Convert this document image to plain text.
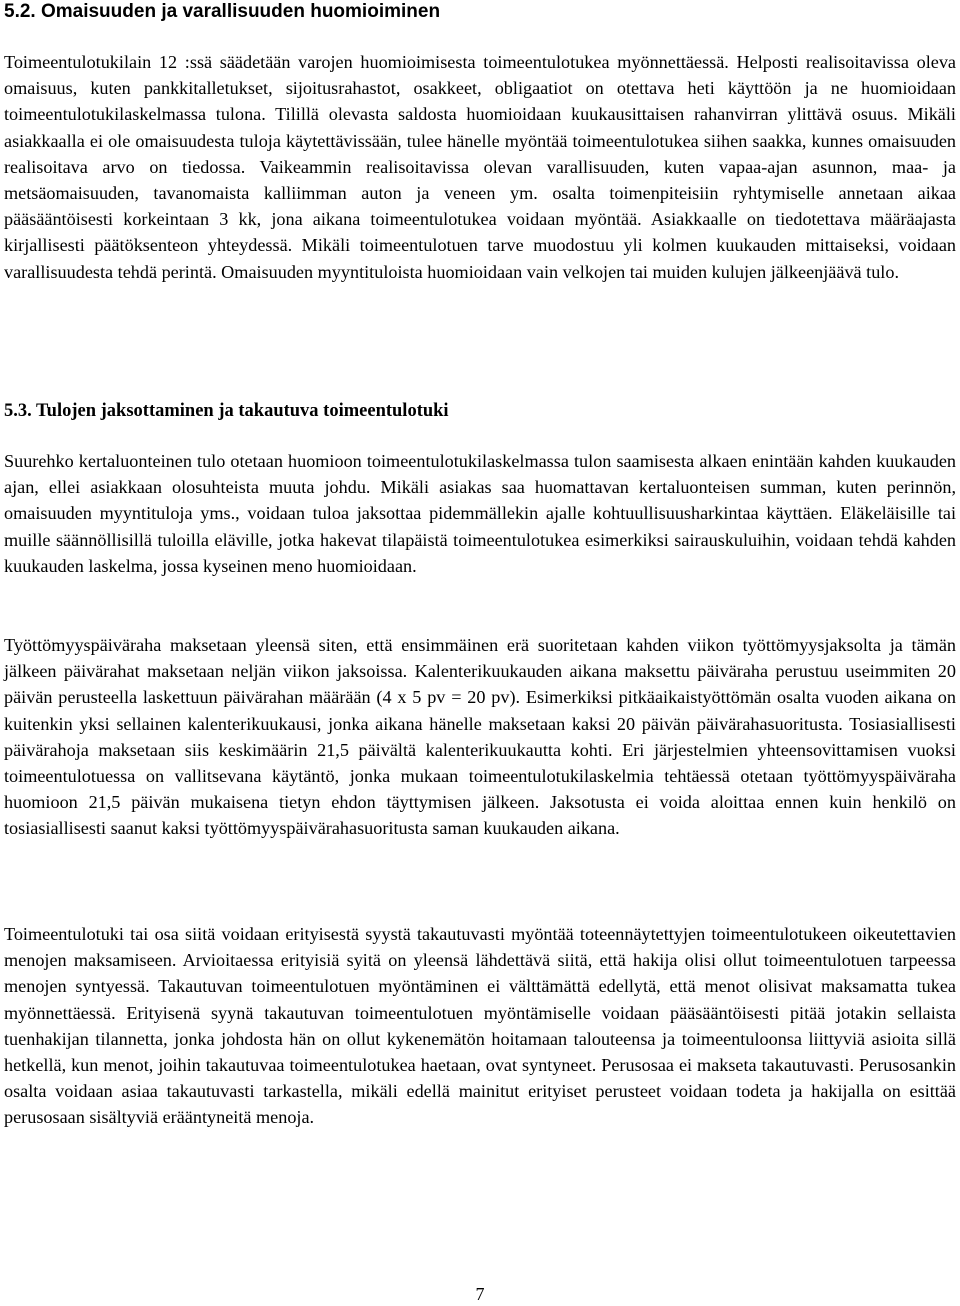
5.2. Omaisuuden ja varallisuuden huomioiminen

Toimeentulotukilain 12 :ssä säädetään varojen huomioimisesta toimeentulotukea myönnettäessä. Helposti realisoitavissa oleva omaisuus, kuten pankkitalletukset, sijoitusrahastot, osakkeet, obligaatiot on otettava heti käyttöön ja ne huomioidaan toimeentulotukilaskelmassa tulona. Tilillä olevasta saldosta huomioidaan kuukausittaisen rahanvirran ylittävä osuus. Mikäli asiakkaalla ei ole omaisuudesta tuloja käytettävissään, tulee hänelle myöntää toimeentulotukea siihen saakka, kunnes omaisuuden realisoitava arvo on tiedossa. Vaikeammin realisoitavissa olevan varallisuuden, kuten vapaa-ajan asunnon, maa- ja metsäomaisuuden, tavanomaista kalliimman auton ja veneen ym. osalta toimenpiteisiin ryhtymiselle annetaan aikaa pääsääntöisesti korkeintaan 3 kk, jona aikana toimeentulotukea voidaan myöntää. Asiakkaalle on tiedotettava määräajasta kirjallisesti päätöksenteon yhteydessä. Mikäli toimeentulotuen tarve muodostuu yli kolmen kuukauden mittaiseksi, voidaan varallisuudesta tehdä perintä. Omaisuuden myyntituloista huomioidaan vain velkojen tai muiden kulujen jälkeenjäävä tulo.

5.3. Tulojen jaksottaminen ja takautuva toimeentulotuki

Suurehko kertaluonteinen tulo otetaan huomioon toimeentulotukilaskelmassa tulon saamisesta alkaen enintään kahden kuukauden ajan, ellei asiakkaan olosuhteista muuta johdu. Mikäli asiakas saa huomattavan kertaluonteisen summan, kuten perinnön, omaisuuden myyntituloja yms., voidaan tuloa jaksottaa pidemmällekin ajalle kohtuullisuusharkintaa käyttäen. Eläkeläisille tai muille säännöllisillä tuloilla eläville, jotka hakevat tilapäistä toimeentulotukea esimerkiksi sairauskuluihin, voidaan tehdä kahden kuukauden laskelma, jossa kyseinen meno huomioidaan.

Työttömyyspäiväraha maksetaan yleensä siten, että ensimmäinen erä suoritetaan kahden viikon työttömyysjaksolta ja tämän jälkeen päivärahat maksetaan neljän viikon jaksoissa. Kalenterikuukauden aikana maksettu päiväraha perustuu useimmiten 20 päivän perusteella laskettuun päivärahan määrään (4 x 5 pv = 20 pv). Esimerkiksi pitkäaikaistyöttömän osalta vuoden aikana on kuitenkin yksi sellainen kalenterikuukausi, jonka aikana hänelle maksetaan kaksi 20 päivän päivärahasuoritusta. Tosiasiallisesti päivärahoja maksetaan siis keskimäärin 21,5 päivältä kalenterikuukautta kohti. Eri järjestelmien yhteensovittamisen vuoksi toimeentulotuessa on vallitsevana käytäntö, jonka mukaan toimeentulotukilaskelmia tehtäessä otetaan työttömyyspäiväraha huomioon 21,5 päivän mukaisena tietyn ehdon täyttymisen jälkeen. Jaksotusta ei voida aloittaa ennen kuin henkilö on tosiasiallisesti saanut kaksi työttömyyspäivärahasuoritusta saman kuukauden aikana.

Toimeentulotuki tai osa siitä voidaan erityisestä syystä takautuvasti myöntää toteennäytettyjen toimeentulotukeen oikeutettavien menojen maksamiseen. Arvioitaessa erityisiä syitä on yleensä lähdettävä siitä, että hakija olisi ollut toimeentulotuen tarpeessa menojen syntyessä. Takautuvan toimeentulotuen myöntäminen ei välttämättä edellytä, että menot olisivat maksamatta tukea myönnettäessä. Erityisenä syynä takautuvan toimeentulotuen myöntämiselle voidaan pääsääntöisesti pitää jotakin sellaista tuenhakijan tilannetta, jonka johdosta hän on ollut kykenemätön hoitamaan talouteensa ja toimeentuloonsa liittyviä asioita sillä hetkellä, kun menot, joihin takautuvaa toimeentulotukea haetaan, ovat syntyneet. Perusosaa ei makseta takautuvasti. Perusosankin osalta voidaan asiaa takautuvasti tarkastella, mikäli edellä mainitut erityiset perusteet voidaan todeta ja hakijalla on esittää perusosaan sisältyviä erääntyneitä menoja.

7
